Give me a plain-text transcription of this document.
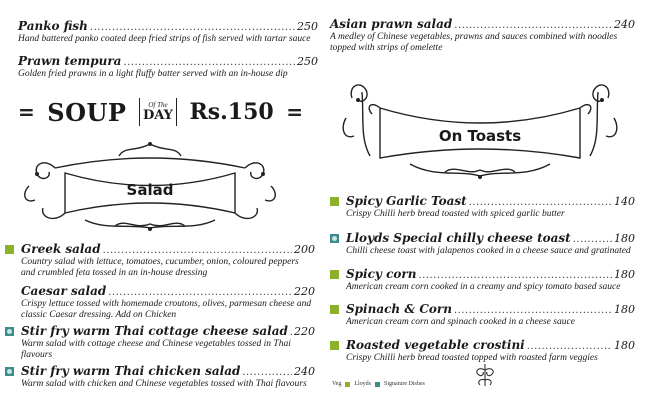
Panko fish .....	250
Hand battered panko coated deep fried strips of fish served with tartar sauce
Prawn tempura .....	250
Golden fried prawns in a light fluffy batter served with an in-house dip
= SOUP	Of The
DAY Rs.150 =
Salad
Greek salad .....	200
Country salad with lettuce, tomatoes, cucumber, onion, coloured peppers and crumbled feta tossed in an in-house dressing
Caesar salad .....	220
Crispy lettuce tossed with homemade croutons, olives, parmesan cheese and classic Caesar dressing. Add on Chicken
Stir fry warm Thai cottage cheese salad ..... 220
Warm salad with cottage cheese and Chinese vegetables tossed in Thai flavours
Stir fry warm Thai chicken salad .....	240
Warm salad with chicken and Chinese vegetables tossed with Thai flavours
Asian prawn salad .....	240
A medley of Chinese vegetables, prawns and sauces combined with noodles topped with strips of omelette
On Toasts
Spicy Garlic Toast .....	140
Crispy Chilli herb bread toasted with spiced garlic butter
Lloyds Special chilly cheese toast .....	180
Chilli cheese toast with jalapenos cooked in a cheese sauce and gratinated
Spicy corn .....	180
American cream corn cooked in a creamy and spicy tomato based sauce
Spinach & Corn .....	180
American cream corn and spinach cooked in a cheese sauce
Roasted vegetable crostini .....	180
Crispy Chilli herb bread toasted topped with roasted farm veggies
Veg Lloyds Signature Dishes
